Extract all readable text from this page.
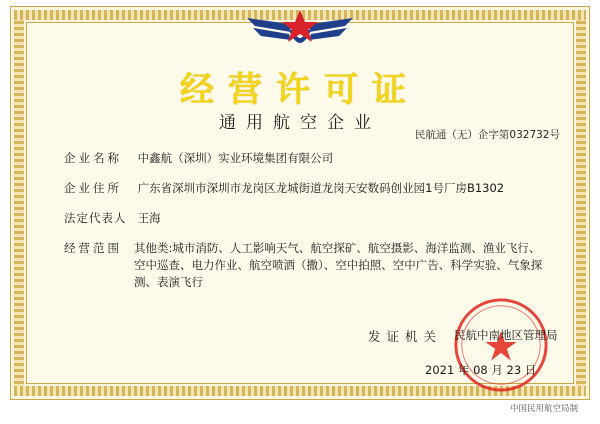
经营许可证
通用航空企业
民航通（无）企字第032732号
企业名称 中鑫航（深圳）实业环境集团有限公司
企业住所 广东省深圳市深圳市龙岗区龙城街道龙岗天安数码创业园1号厂房B1302
法定代表人 王海
经营范围	其他类:城市消防、人工影响天气、航空探矿、航空摄影、海洋监测、渔业飞行、空中巡查、电力作业、航空喷洒（撒）、空中拍照、空中广告、科学实验、气象探测、表演飞行
发证机关 民航中南地区管理局
2021 年 08 月 23 日
中国民用航空局制
